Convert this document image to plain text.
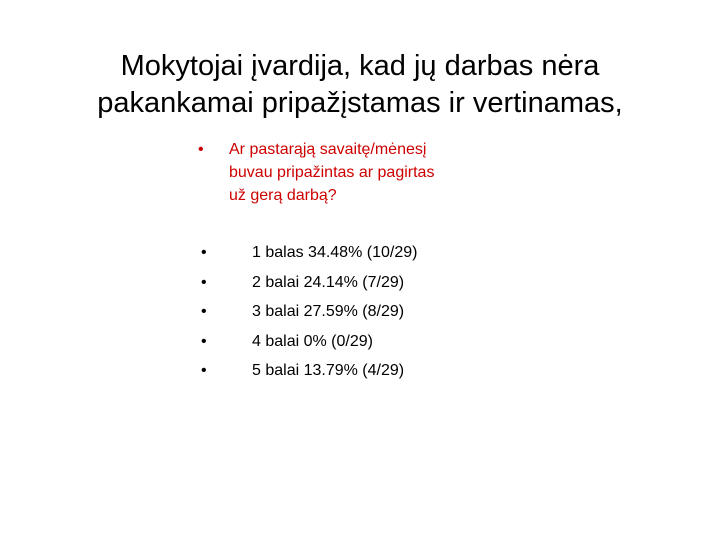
Mokytojai įvardija, kad jų darbas nėra
pakankamai pripažįstamas ir vertinamas,
• Ar pastarąją savaitę/mėnesį
buvau pripažintas ar pagirtas
už gerą darbą?
•	1 balas 34.48% (10/29)
•	2 balai 24.14% (7/29)
•	3 balai 27.59% (8/29)
•	4 balai 0% (0/29)
•	5 balai 13.79% (4/29)
